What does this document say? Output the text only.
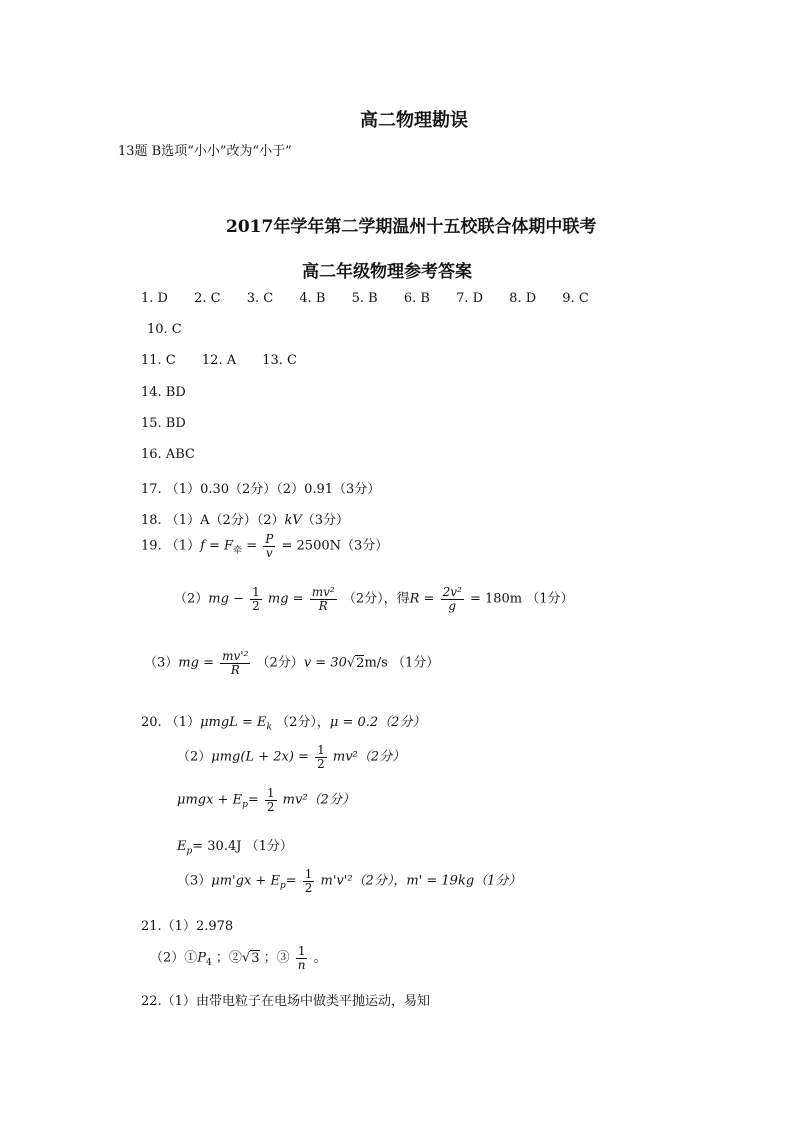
高二物理勘误
13题 B选项“小小”改为“小于”
2017年学年第二学期温州十五校联合体期中联考
高二年级物理参考答案
1. D 2. C 3. C 4. B 5. B 6. B 7. D 8. D 9. C
10. C
11. C 12. A 13. C
14. BD
15. BD
16. ABC
17. （1）0.30（2分）（2）0.91（3分）
18. （1）A（2分）（2）kV（3分）
19. $(1)f = F_牵 = \frac{P}{v} = 2500N(3$分）
$(2)mg - \frac{1}{2}$ mg = $\frac{\text{mv²}}{R} (2$分），得$R = \frac{\text{2v²}}{g} = 180m$ （1分）
$(3)mg = \frac{\text{mv'²}}{R} (2$分）v = 30√2m/s （1分）
20. $(1)\mu mgL = E_k$ （2分），μ = 0.2（2分）
$(2)\mu mg(L + 2x) = \frac{1}{2} mv^2(2$分）
$\mu mgx + E_p= \frac{1}{2} mv^2(2$分）
$E_p= 30.4J$ （1分）
$(3)\mu m'gx + E_p= \frac{1}{2} m'v'^2(2$分），m' = 19kg（1分）
21.（1）2.978
$(2)①P_4$ ；②√3 ；③ $\frac{1}{n}$ 。
22.（1）由带电粒子在电场中做类平抛运动，易知
